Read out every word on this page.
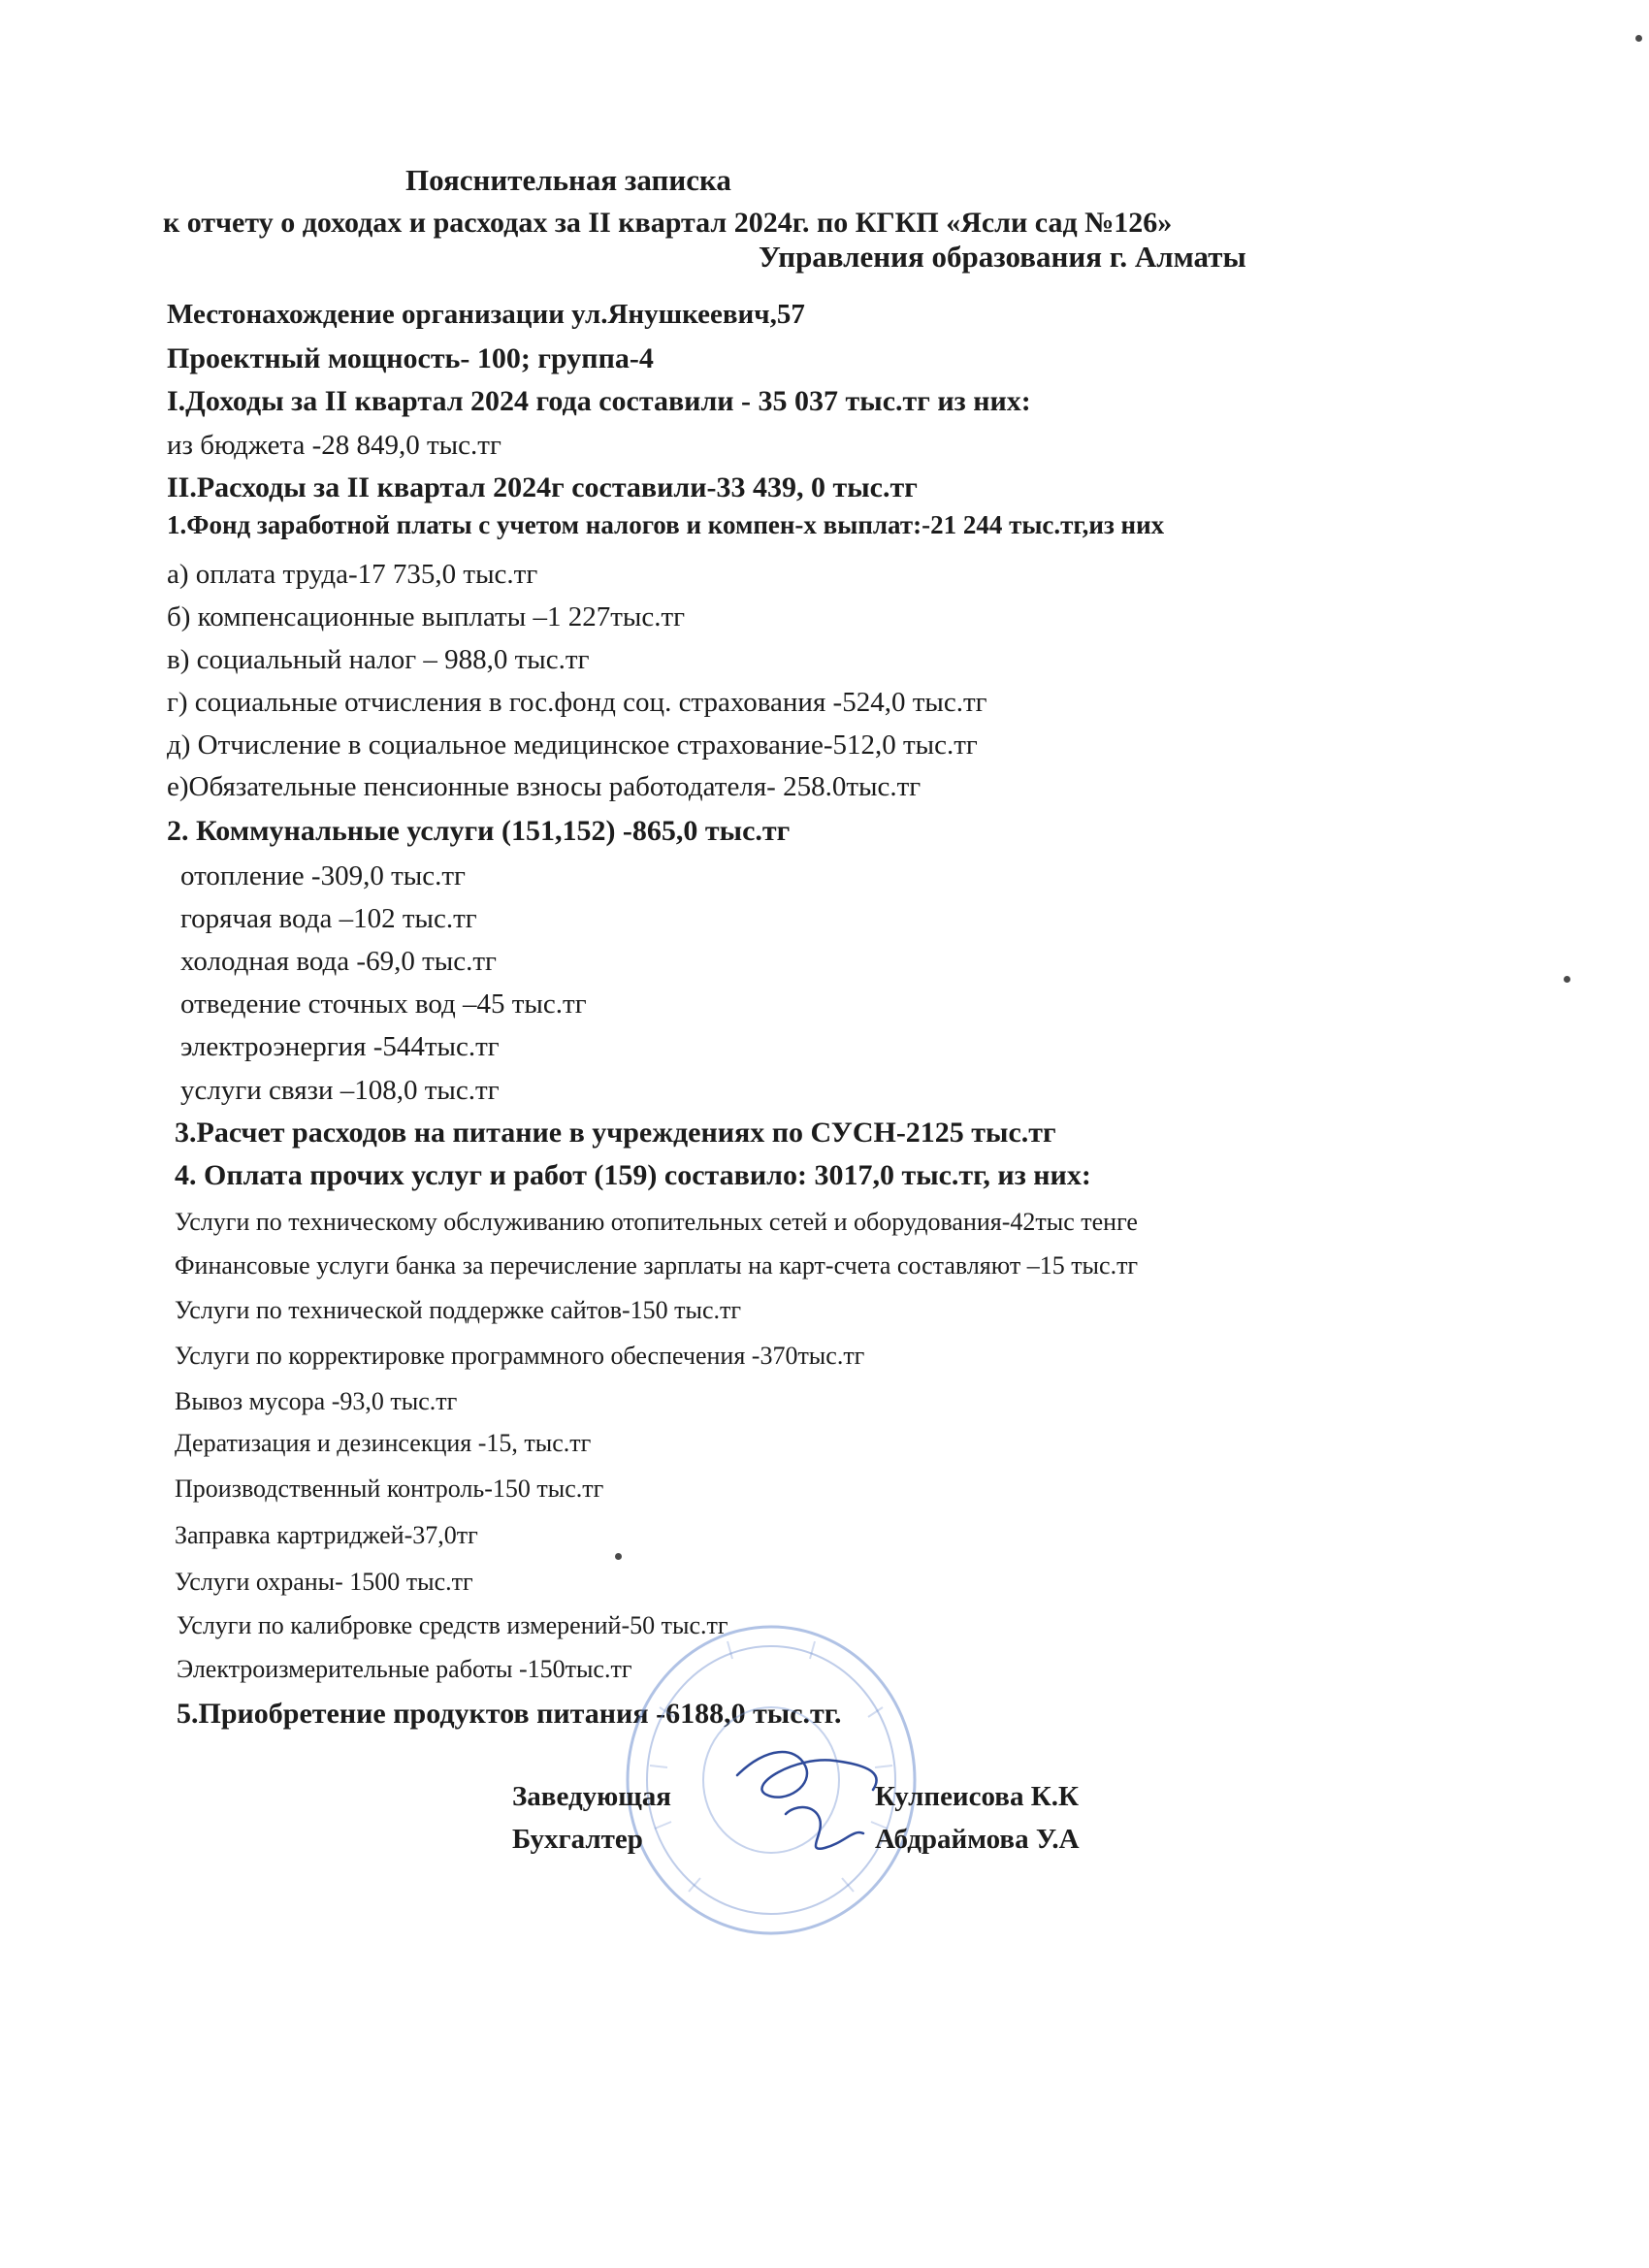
Пояснительная записка
к отчету о доходах и расходах за II квартал 2024г. по КГКП «Ясли сад №126»
Управления образования г. Алматы
Местонахождение организации ул.Янушкеевич,57
Проектный мощность- 100; группа-4
I.Доходы за II квартал 2024 года составили - 35 037 тыс.тг из них:
из бюджета -28 849,0 тыс.тг
II.Расходы за II квартал 2024г составили-33 439, 0 тыс.тг
1.Фонд заработной платы с учетом налогов и компен-х выплат:-21 244 тыс.тг,из них
а) оплата труда-17 735,0 тыс.тг
б) компенсационные выплаты –1 227тыс.тг
в) социальный налог – 988,0 тыс.тг
г) социальные отчисления в гос.фонд соц. страхования -524,0 тыс.тг
д) Отчисление в социальное медицинское страхование-512,0 тыс.тг
е)Обязательные пенсионные взносы работодателя- 258.0тыс.тг
2. Коммунальные услуги (151,152) -865,0 тыс.тг
отопление -309,0 тыс.тг
горячая вода –102 тыс.тг
холодная вода -69,0 тыс.тг
отведение сточных вод –45 тыс.тг
электроэнергия -544тыс.тг
услуги связи –108,0 тыс.тг
3.Расчет расходов на питание в учреждениях по СУСН-2125 тыс.тг
4. Оплата прочих услуг и работ (159) составило: 3017,0 тыс.тг, из них:
Услуги по техническому обслуживанию отопительных сетей и оборудования-42тыс тенге
Финансовые услуги банка за перечисление зарплаты на карт-счета составляют –15 тыс.тг
Услуги по технической поддержке сайтов-150 тыс.тг
Услуги по корректировке программного обеспечения -370тыс.тг
Вывоз мусора -93,0 тыс.тг
Дератизация и дезинсекция -15, тыс.тг
Производственный контроль-150 тыс.тг
Заправка картриджей-37,0тг
Услуги охраны- 1500 тыс.тг
Услуги по калибровке средств измерений-50 тыс.тг
Электроизмерительные работы -150тыс.тг
5.Приобретение продуктов питания -6188,0 тыс.тг.
Заведующая	Кулпеисова К.К
Бухгалтер	Абдраймова У.А
